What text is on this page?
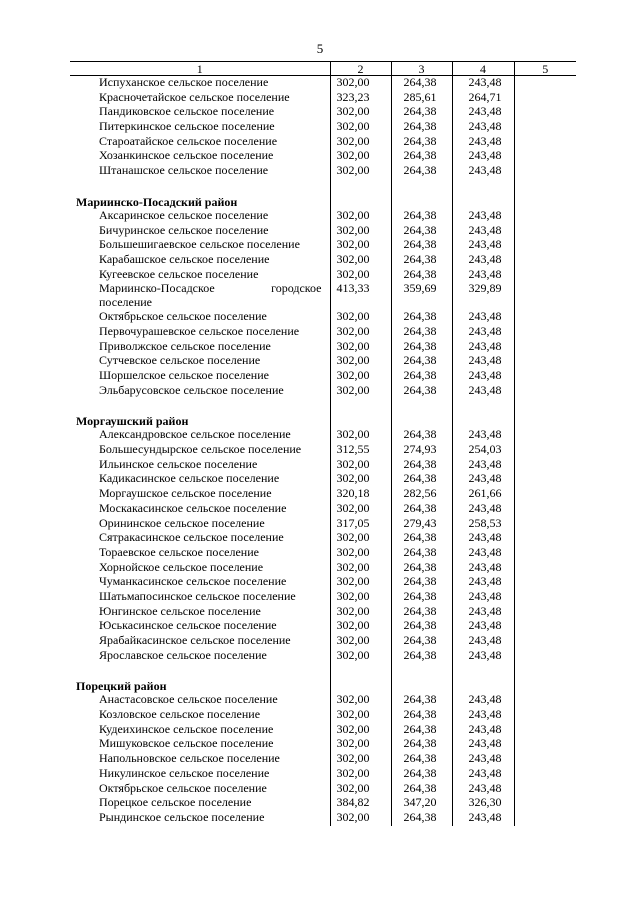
5
1	2	3	4	5
Испуханское сельское поселение	302,00	264,38	243,48	
Красночетайское сельское поселение	323,23	285,61	264,71	
Пандиковское сельское поселение	302,00	264,38	243,48	
Питеркинское сельское поселение	302,00	264,38	243,48	
Староатайское сельское поселение	302,00	264,38	243,48	
Хозанкинское сельское поселение	302,00	264,38	243,48	
Штанашское сельское поселение	302,00	264,38	243,48	

Мариинско-Посадский район				
Аксаринское сельское поселение	302,00	264,38	243,48	
Бичуринское сельское поселение	302,00	264,38	243,48	
Большешигаевское сельское поселение	302,00	264,38	243,48	
Карабашское сельское поселение	302,00	264,38	243,48	
Кугеевское сельское поселение	302,00	264,38	243,48	
Мариинско-Посадское городское поселение	413,33	359,69	329,89	
Октябрьское сельское поселение	302,00	264,38	243,48	
Первочурашевское сельское поселение	302,00	264,38	243,48	
Приволжское сельское поселение	302,00	264,38	243,48	
Сутчевское сельское поселение	302,00	264,38	243,48	
Шоршелское сельское поселение	302,00	264,38	243,48	
Эльбарусовское сельское поселение	302,00	264,38	243,48	

Моргаушский район				
Александровское сельское поселение	302,00	264,38	243,48	
Большесундырское сельское поселение	312,55	274,93	254,03	
Ильинское сельское поселение	302,00	264,38	243,48	
Кадикасинское сельское поселение	302,00	264,38	243,48	
Моргаушское сельское поселение	320,18	282,56	261,66	
Москакасинское сельское поселение	302,00	264,38	243,48	
Орининское сельское поселение	317,05	279,43	258,53	
Сятракасинское сельское поселение	302,00	264,38	243,48	
Тораевское сельское поселение	302,00	264,38	243,48	
Хорнойское сельское поселение	302,00	264,38	243,48	
Чуманкасинское сельское поселение	302,00	264,38	243,48	
Шатьмапосинское сельское поселение	302,00	264,38	243,48	
Юнгинское сельское поселение	302,00	264,38	243,48	
Юськасинское сельское поселение	302,00	264,38	243,48	
Ярабайкасинское сельское поселение	302,00	264,38	243,48	
Ярославское сельское поселение	302,00	264,38	243,48	

Порецкий район				
Анастасовское сельское поселение	302,00	264,38	243,48	
Козловское сельское поселение	302,00	264,38	243,48	
Кудеихинское сельское поселение	302,00	264,38	243,48	
Мишуковское сельское поселение	302,00	264,38	243,48	
Напольновское сельское поселение	302,00	264,38	243,48	
Никулинское сельское поселение	302,00	264,38	243,48	
Октябрьское сельское поселение	302,00	264,38	243,48	
Порецкое сельское поселение	384,82	347,20	326,30	
Рындинское сельское поселение	302,00	264,38	243,48	
